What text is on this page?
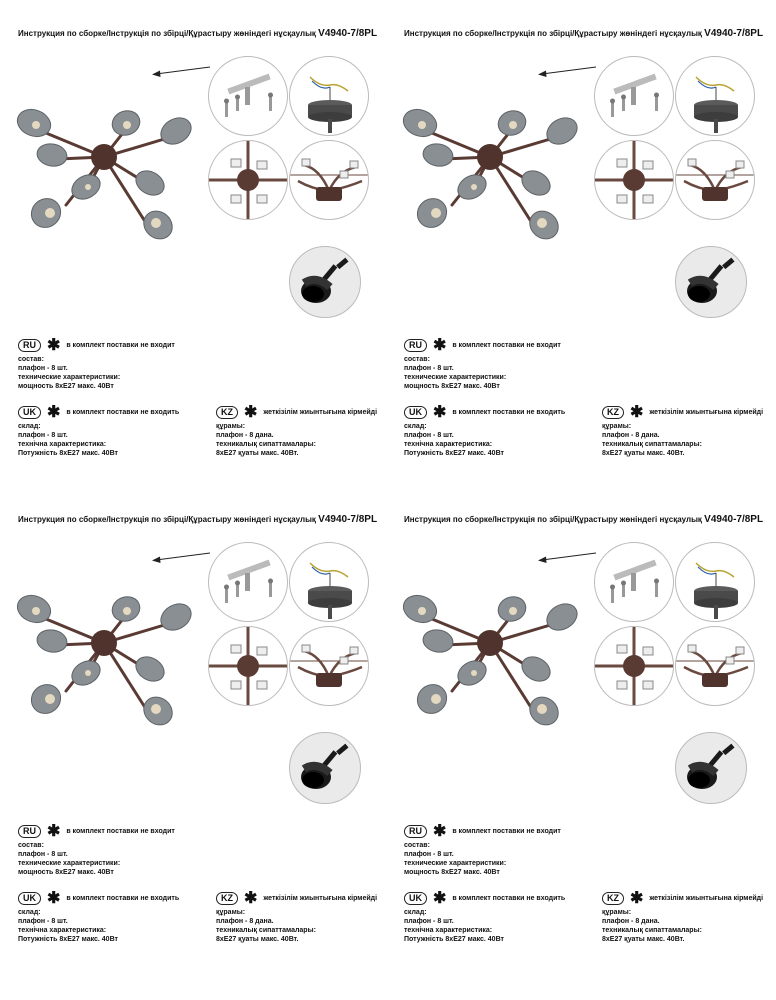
Инструкция по сборке/Інструкція по збірці/Құрастыру жөніндегі нұсқаулық V4940-7/8PL
RU ✱ в комплект поставки не входит
состав:
плафон - 8 шт.
технические характеристики:
мощность 8хE27 макс. 40Вт
UK ✱ в комплект поставки не входить
склад:
плафон - 8 шт.
технічна характеристика:
Потужність 8хE27 макс. 40Вт
KZ ✱ жеткізілім жиынтығына кірмейді
құрамы:
плафон - 8 дана.
техникалық сипаттамалары:
8хE27 қуаты макс. 40Вт.
Инструкция по сборке/Інструкція по збірці/Құрастыру жөніндегі нұсқаулық V4940-7/8PL
RU ✱ в комплект поставки не входит
состав:
плафон - 8 шт.
технические характеристики:
мощность 8хE27 макс. 40Вт
UK ✱ в комплект поставки не входить
склад:
плафон - 8 шт.
технічна характеристика:
Потужність 8хE27 макс. 40Вт
KZ ✱ жеткізілім жиынтығына кірмейді
құрамы:
плафон - 8 дана.
техникалық сипаттамалары:
8хE27 қуаты макс. 40Вт.
Инструкция по сборке/Інструкція по збірці/Құрастыру жөніндегі нұсқаулық V4940-7/8PL
RU ✱ в комплект поставки не входит
состав:
плафон - 8 шт.
технические характеристики:
мощность 8хE27 макс. 40Вт
UK ✱ в комплект поставки не входить
склад:
плафон - 8 шт.
технічна характеристика:
Потужність 8хE27 макс. 40Вт
KZ ✱ жеткізілім жиынтығына кірмейді
құрамы:
плафон - 8 дана.
техникалық сипаттамалары:
8хE27 қуаты макс. 40Вт.
Инструкция по сборке/Інструкція по збірці/Құрастыру жөніндегі нұсқаулық V4940-7/8PL
RU ✱ в комплект поставки не входит
состав:
плафон - 8 шт.
технические характеристики:
мощность 8хE27 макс. 40Вт
UK ✱ в комплект поставки не входить
склад:
плафон - 8 шт.
технічна характеристика:
Потужність 8хE27 макс. 40Вт
KZ ✱ жеткізілім жиынтығына кірмейді
құрамы:
плафон - 8 дана.
техникалық сипаттамалары:
8хE27 қуаты макс. 40Вт.
